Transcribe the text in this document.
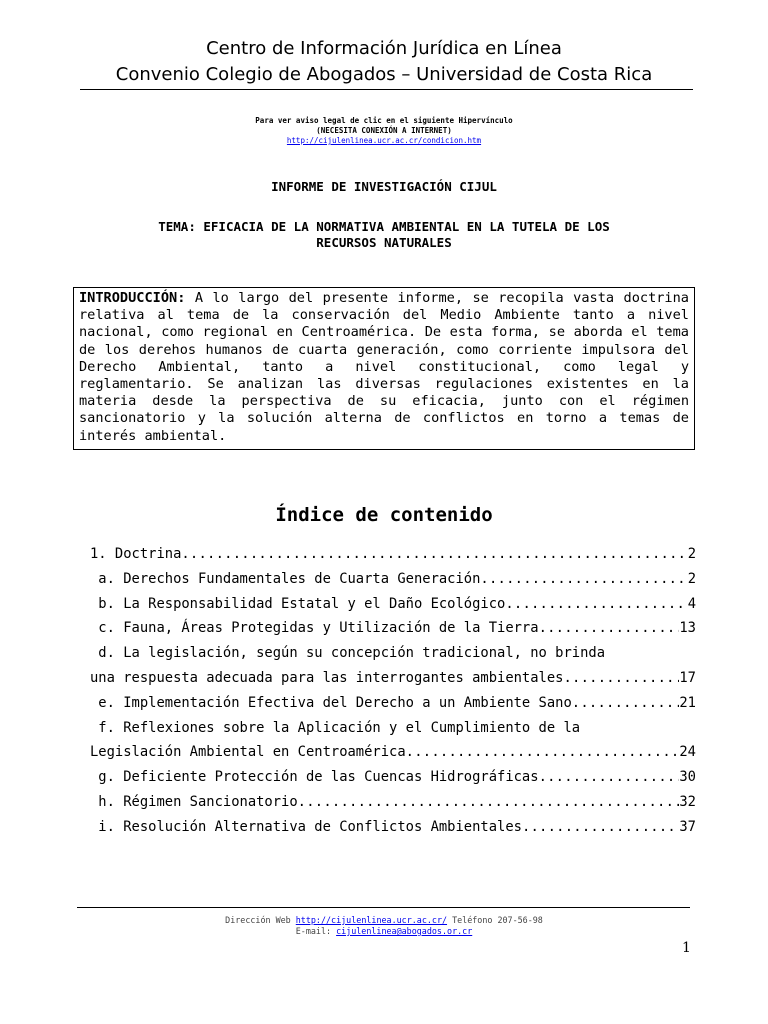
Centro de Información Jurídica en Línea
Convenio Colegio de Abogados – Universidad de Costa Rica
Para ver aviso legal de clic en el siguiente Hipervínculo
(NECESITA CONEXIÓN A INTERNET)
http://cijulenlinea.ucr.ac.cr/condicion.htm
INFORME DE INVESTIGACIÓN CIJUL
TEMA: EFICACIA DE LA NORMATIVA AMBIENTAL EN LA TUTELA DE LOS
RECURSOS NATURALES
INTRODUCCIÓN: A lo largo del presente informe, se recopila vasta doctrina relativa al tema de la conservación del Medio Ambiente tanto a nivel nacional, como regional en Centroamérica. De esta forma, se aborda el tema de los derehos humanos de cuarta generación, como corriente impulsora del Derecho Ambiental, tanto a nivel constitucional, como legal y reglamentario. Se analizan las diversas regulaciones existentes en la materia desde la perspectiva de su eficacia, junto con el régimen sancionatorio y la solución alterna de conflictos en torno a temas de interés ambiental.
Índice de contenido
1. Doctrina .....	2
a. Derechos Fundamentales de Cuarta Generación .....	2
b. La Responsabilidad Estatal y el Daño Ecológico .....	4
c. Fauna, Áreas Protegidas y Utilización de la Tierra .....	13
d. La legislación, según su concepción tradicional, no brinda
una respuesta adecuada para las interrogantes ambientales .....	17
e. Implementación Efectiva del Derecho a un Ambiente Sano .....	21
f. Reflexiones sobre la Aplicación y el Cumplimiento de la
Legislación Ambiental en Centroamérica .....	24
g. Deficiente Protección de las Cuencas Hidrográficas .....	30
h. Régimen Sancionatorio .....	32
i. Resolución Alternativa de Conflictos Ambientales .....	37
Dirección Web http://cijulenlinea.ucr.ac.cr/ Teléfono 207-56-98
E-mail: cijulenlinea@abogados.or.cr
1
